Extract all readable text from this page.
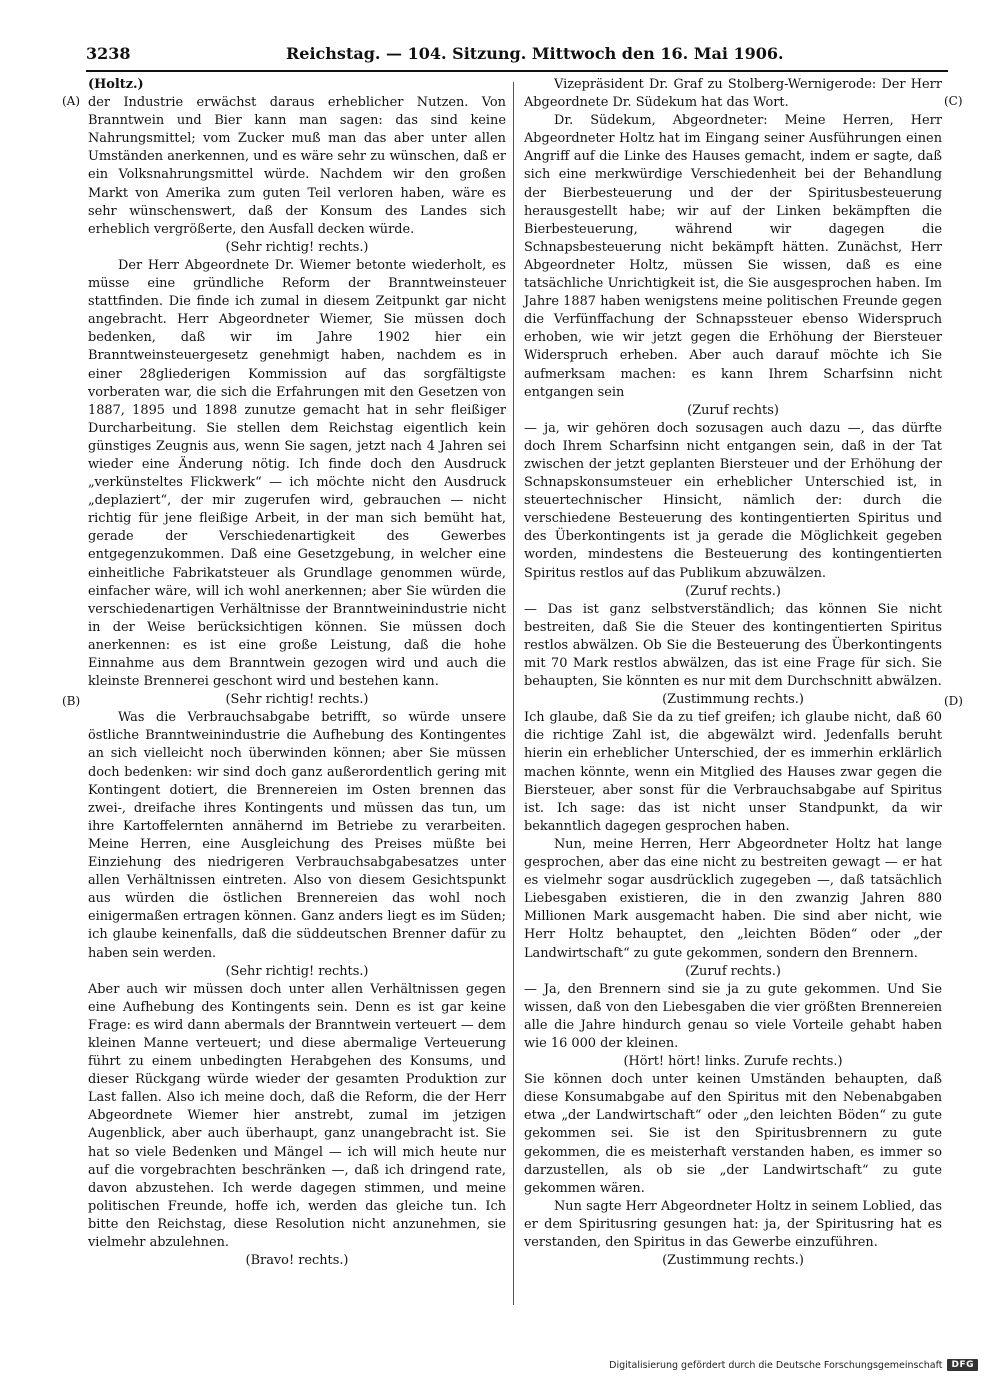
3238	Reichstag. — 104. Sitzung. Mittwoch den 16. Mai 1906.
(A)
(B)
(C)
(D)

(Holtz.)

der Industrie erwächst daraus erheblicher Nutzen. Von Branntwein und Bier kann man sagen: das sind keine Nahrungsmittel; vom Zucker muß man das aber unter allen Umständen anerkennen, und es wäre sehr zu wünschen, daß er ein Volksnahrungsmittel würde. Nachdem wir den großen Markt von Amerika zum guten Teil verloren haben, wäre es sehr wünschenswert, daß der Konsum des Landes sich erheblich vergrößerte, den Ausfall decken würde.

(Sehr richtig! rechts.)

Der Herr Abgeordnete Dr. Wiemer betonte wiederholt, es müsse eine gründliche Reform der Branntweinsteuer stattfinden. Die finde ich zumal in diesem Zeitpunkt gar nicht angebracht. Herr Abgeordneter Wiemer, Sie müssen doch bedenken, daß wir im Jahre 1902 hier ein Branntweinsteuergesetz genehmigt haben, nachdem es in einer 28gliederigen Kommission auf das sorgfältigste vorberaten war, die sich die Erfahrungen mit den Gesetzen von 1887, 1895 und 1898 zunutze gemacht hat in sehr fleißiger Durcharbeitung. Sie stellen dem Reichstag eigentlich kein günstiges Zeugnis aus, wenn Sie sagen, jetzt nach 4 Jahren sei wieder eine Änderung nötig. Ich finde doch den Ausdruck „verkünsteltes Flickwerk“ — ich möchte nicht den Ausdruck „deplaziert“, der mir zugerufen wird, gebrauchen — nicht richtig für jene fleißige Arbeit, in der man sich bemüht hat, gerade der Verschiedenartigkeit des Gewerbes entgegenzukommen. Daß eine Gesetzgebung, in welcher eine einheitliche Fabrikatsteuer als Grundlage genommen würde, einfacher wäre, will ich wohl anerkennen; aber Sie würden die verschiedenartigen Verhältnisse der Branntweinindustrie nicht in der Weise berücksichtigen können. Sie müssen doch anerkennen: es ist eine große Leistung, daß die hohe Einnahme aus dem Branntwein gezogen wird und auch die kleinste Brennerei geschont wird und bestehen kann.

(Sehr richtig! rechts.)

Was die Verbrauchsabgabe betrifft, so würde unsere östliche Branntweinindustrie die Aufhebung des Kontingentes an sich vielleicht noch überwinden können; aber Sie müssen doch bedenken: wir sind doch ganz außerordentlich gering mit Kontingent dotiert, die Brennereien im Osten brennen das zwei-, dreifache ihres Kontingents und müssen das tun, um ihre Kartoffelernten annähernd im Betriebe zu verarbeiten. Meine Herren, eine Ausgleichung des Preises müßte bei Einziehung des niedrigeren Verbrauchsabgabesatzes unter allen Verhältnissen eintreten. Also von diesem Gesichtspunkt aus würden die östlichen Brennereien das wohl noch einigermaßen ertragen können. Ganz anders liegt es im Süden; ich glaube keinenfalls, daß die süddeutschen Brenner dafür zu haben sein werden.

(Sehr richtig! rechts.)

Aber auch wir müssen doch unter allen Verhältnissen gegen eine Aufhebung des Kontingents sein. Denn es ist gar keine Frage: es wird dann abermals der Branntwein verteuert — dem kleinen Manne verteuert; und diese abermalige Verteuerung führt zu einem unbedingten Herabgehen des Konsums, und dieser Rückgang würde wieder der gesamten Produktion zur Last fallen. Also ich meine doch, daß die Reform, die der Herr Abgeordnete Wiemer hier anstrebt, zumal im jetzigen Augenblick, aber auch überhaupt, ganz unangebracht ist. Sie hat so viele Bedenken und Mängel — ich will mich heute nur auf die vorgebrachten beschränken —, daß ich dringend rate, davon abzustehen. Ich werde dagegen stimmen, und meine politischen Freunde, hoffe ich, werden das gleiche tun. Ich bitte den Reichstag, diese Resolution nicht anzunehmen, sie vielmehr abzulehnen.

(Bravo! rechts.)

Vizepräsident Dr. Graf zu Stolberg-Wernigerode: Der Herr Abgeordnete Dr. Südekum hat das Wort.

Dr. Südekum, Abgeordneter: Meine Herren, Herr Abgeordneter Holtz hat im Eingang seiner Ausführungen einen Angriff auf die Linke des Hauses gemacht, indem er sagte, daß sich eine merkwürdige Verschiedenheit bei der Behandlung der Bierbesteuerung und der der Spiritusbesteuerung herausgestellt habe; wir auf der Linken bekämpften die Bierbesteuerung, während wir dagegen die Schnapsbesteuerung nicht bekämpft hätten. Zunächst, Herr Abgeordneter Holtz, müssen Sie wissen, daß es eine tatsächliche Unrichtigkeit ist, die Sie ausgesprochen haben. Im Jahre 1887 haben wenigstens meine politischen Freunde gegen die Verfünffachung der Schnapssteuer ebenso Widerspruch erhoben, wie wir jetzt gegen die Erhöhung der Biersteuer Widerspruch erheben. Aber auch darauf möchte ich Sie aufmerksam machen: es kann Ihrem Scharfsinn nicht entgangen sein

(Zuruf rechts)

— ja, wir gehören doch sozusagen auch dazu —, das dürfte doch Ihrem Scharfsinn nicht entgangen sein, daß in der Tat zwischen der jetzt geplanten Biersteuer und der Erhöhung der Schnapskonsumsteuer ein erheblicher Unterschied ist, in steuertechnischer Hinsicht, nämlich der: durch die verschiedene Besteuerung des kontingentierten Spiritus und des Überkontingents ist ja gerade die Möglichkeit gegeben worden, mindestens die Besteuerung des kontingentierten Spiritus restlos auf das Publikum abzuwälzen.

(Zuruf rechts.)

— Das ist ganz selbstverständlich; das können Sie nicht bestreiten, daß Sie die Steuer des kontingentierten Spiritus restlos abwälzen. Ob Sie die Besteuerung des Überkontingents mit 70 Mark restlos abwälzen, das ist eine Frage für sich. Sie behaupten, Sie könnten es nur mit dem Durchschnitt abwälzen.

(Zustimmung rechts.)

Ich glaube, daß Sie da zu tief greifen; ich glaube nicht, daß 60 die richtige Zahl ist, die abgewälzt wird. Jedenfalls beruht hierin ein erheblicher Unterschied, der es immerhin erklärlich machen könnte, wenn ein Mitglied des Hauses zwar gegen die Biersteuer, aber sonst für die Verbrauchsabgabe auf Spiritus ist. Ich sage: das ist nicht unser Standpunkt, da wir bekanntlich dagegen gesprochen haben.

Nun, meine Herren, Herr Abgeordneter Holtz hat lange gesprochen, aber das eine nicht zu bestreiten gewagt — er hat es vielmehr sogar ausdrücklich zugegeben —, daß tatsächlich Liebesgaben existieren, die in den zwanzig Jahren 880 Millionen Mark ausgemacht haben. Die sind aber nicht, wie Herr Holtz behauptet, den „leichten Böden“ oder „der Landwirtschaft“ zu gute gekommen, sondern den Brennern.

(Zuruf rechts.)

— Ja, den Brennern sind sie ja zu gute gekommen. Und Sie wissen, daß von den Liebesgaben die vier größten Brennereien alle die Jahre hindurch genau so viele Vorteile gehabt haben wie 16 000 der kleinen.

(Hört! hört! links. Zurufe rechts.)

Sie können doch unter keinen Umständen behaupten, daß diese Konsumabgabe auf den Spiritus mit den Nebenabgaben etwa „der Landwirtschaft“ oder „den leichten Böden“ zu gute gekommen sei. Sie ist den Spiritusbrennern zu gute gekommen, die es meisterhaft verstanden haben, es immer so darzustellen, als ob sie „der Landwirtschaft“ zu gute gekommen wären.

Nun sagte Herr Abgeordneter Holtz in seinem Loblied, das er dem Spiritusring gesungen hat: ja, der Spiritusring hat es verstanden, den Spiritus in das Gewerbe einzuführen.

(Zustimmung rechts.)

Digitalisierung gefördert durch die Deutsche Forschungsgemeinschaft	DFG
